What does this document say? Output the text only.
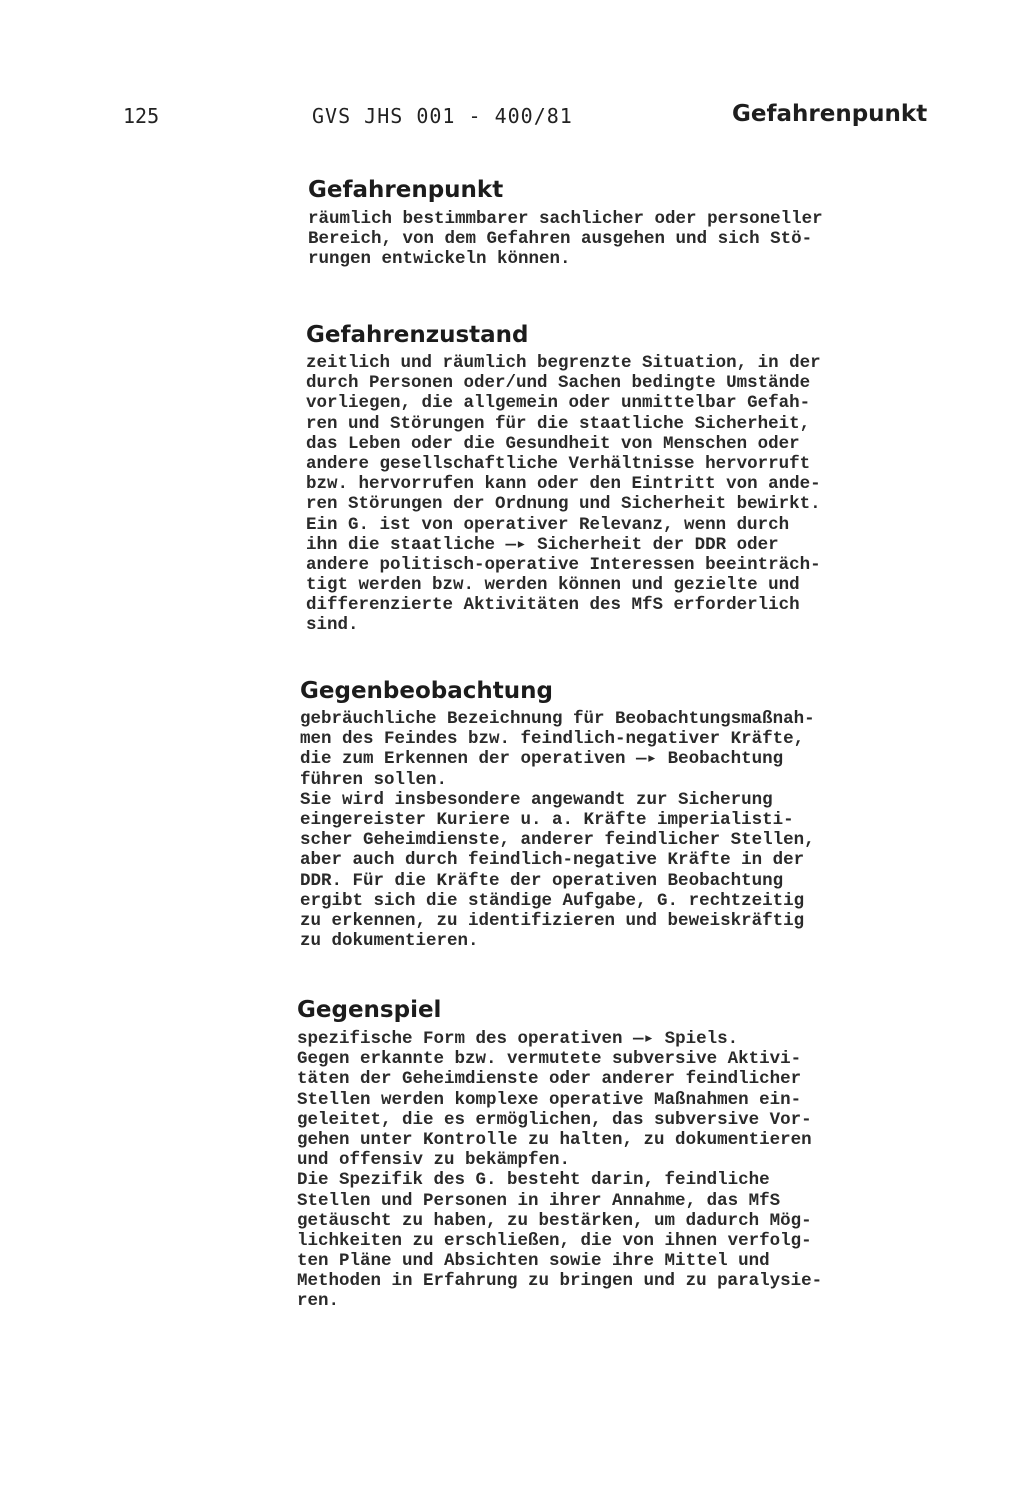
125	GVS JHS 001 - 400/81	Gefahrenpunkt
Gefahrenpunkt
räumlich bestimmbarer sachlicher oder personeller
Bereich, von dem Gefahren ausgehen und sich Stö-
rungen entwickeln können.
Gefahrenzustand
zeitlich und räumlich begrenzte Situation, in der
durch Personen oder/und Sachen bedingte Umstände
vorliegen, die allgemein oder unmittelbar Gefah-
ren und Störungen für die staatliche Sicherheit,
das Leben oder die Gesundheit von Menschen oder
andere gesellschaftliche Verhältnisse hervorruft
bzw. hervorrufen kann oder den Eintritt von ande-
ren Störungen der Ordnung und Sicherheit bewirkt.
Ein G. ist von operativer Relevanz, wenn durch
ihn die staatliche —▸ Sicherheit der DDR oder
andere politisch-operative Interessen beeinträch-
tigt werden bzw. werden können und gezielte und
differenzierte Aktivitäten des MfS erforderlich
sind.
Gegenbeobachtung
gebräuchliche Bezeichnung für Beobachtungsmaßnah-
men des Feindes bzw. feindlich-negativer Kräfte,
die zum Erkennen der operativen —▸ Beobachtung
führen sollen.
Sie wird insbesondere angewandt zur Sicherung
eingereister Kuriere u. a. Kräfte imperialisti-
scher Geheimdienste, anderer feindlicher Stellen,
aber auch durch feindlich-negative Kräfte in der
DDR. Für die Kräfte der operativen Beobachtung
ergibt sich die ständige Aufgabe, G. rechtzeitig
zu erkennen, zu identifizieren und beweiskräftig
zu dokumentieren.
Gegenspiel
spezifische Form des operativen —▸ Spiels.
Gegen erkannte bzw. vermutete subversive Aktivi-
täten der Geheimdienste oder anderer feindlicher
Stellen werden komplexe operative Maßnahmen ein-
geleitet, die es ermöglichen, das subversive Vor-
gehen unter Kontrolle zu halten, zu dokumentieren
und offensiv zu bekämpfen.
Die Spezifik des G. besteht darin, feindliche
Stellen und Personen in ihrer Annahme, das MfS
getäuscht zu haben, zu bestärken, um dadurch Mög-
lichkeiten zu erschließen, die von ihnen verfolg-
ten Pläne und Absichten sowie ihre Mittel und
Methoden in Erfahrung zu bringen und zu paralysie-
ren.
